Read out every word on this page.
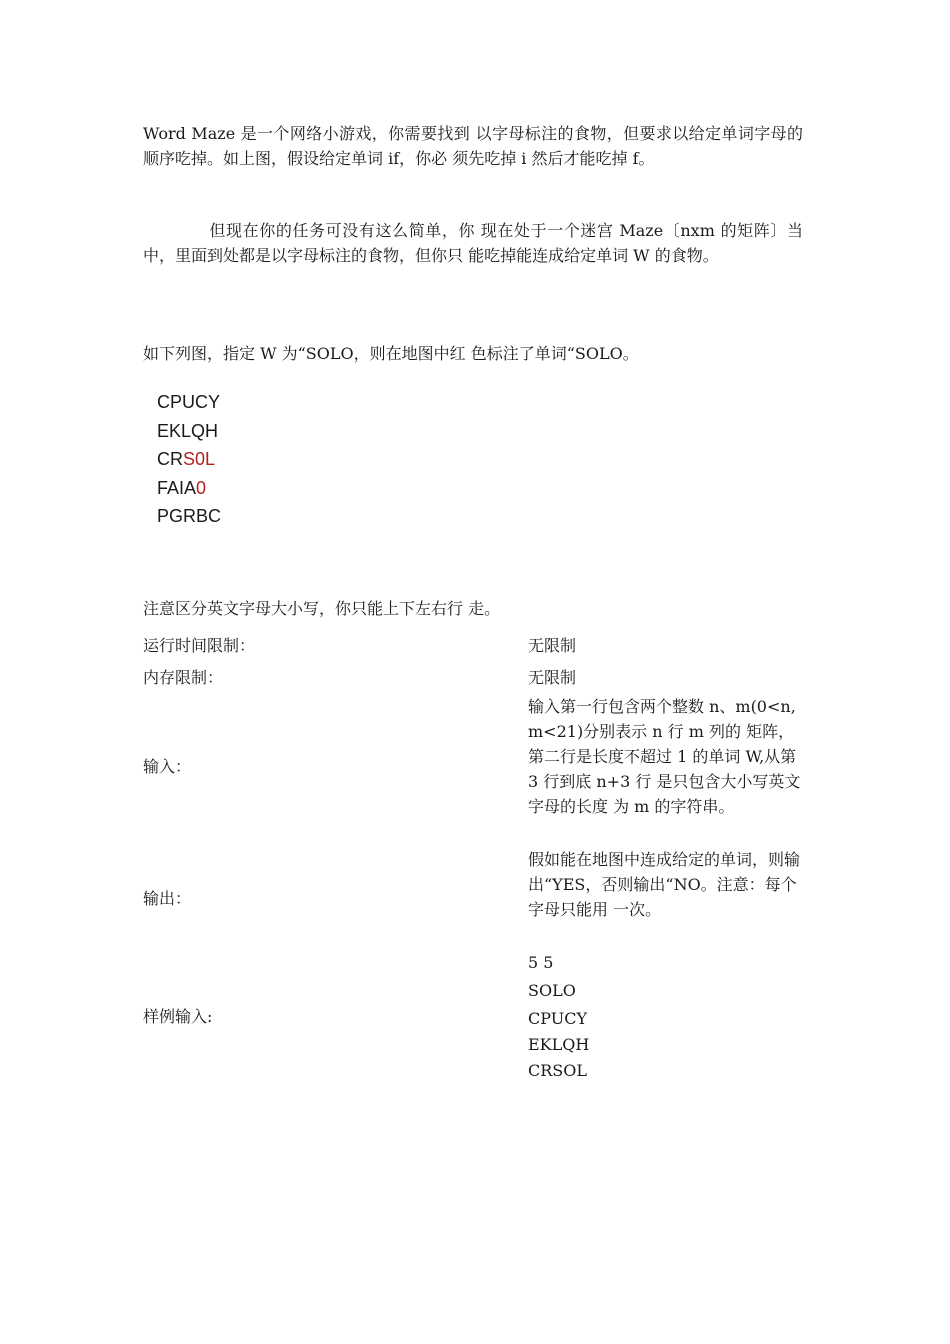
Word Maze 是一个网络小游戏，你需要找到 以字母标注的食物，但要求以给定单词字母的 顺序吃掉。如上图，假设给定单词 if，你必 须先吃掉 i 然后才能吃掉 f。

　　　　但现在你的任务可没有这么简单，你 现在处于一个迷宫 Maze〔nxm 的矩阵〕当 中，里面到处都是以字母标注的食物，但你只 能吃掉能连成给定单词 W 的食物。

如下列图，指定 W 为“SOLO，则在地图中红 色标注了单词“SOLO。

CPUCY
EKLQH
CRS0L
FAIA0
PGRBC

注意区分英文字母大小写，你只能上下左右行 走。

运行时间限制：	无限制
内存限制：	无限制
输入：
输入第一行包含两个整数 n、m(0<n, m<21)分别表示 n 行 m 列的 矩阵，第二行是长度不超过 1 的单词 W,从第 3 行到底 n+3 行 是只包含大小写英文字母的长度 为 m 的字符串。
输出：
假如能在地图中连成给定的单词，则输出“YES，否则输出“NO。注意：每个字母只能用 一次。
样例输入:
5 5
SOLO
CPUCY
EKLQH
CRSOL
